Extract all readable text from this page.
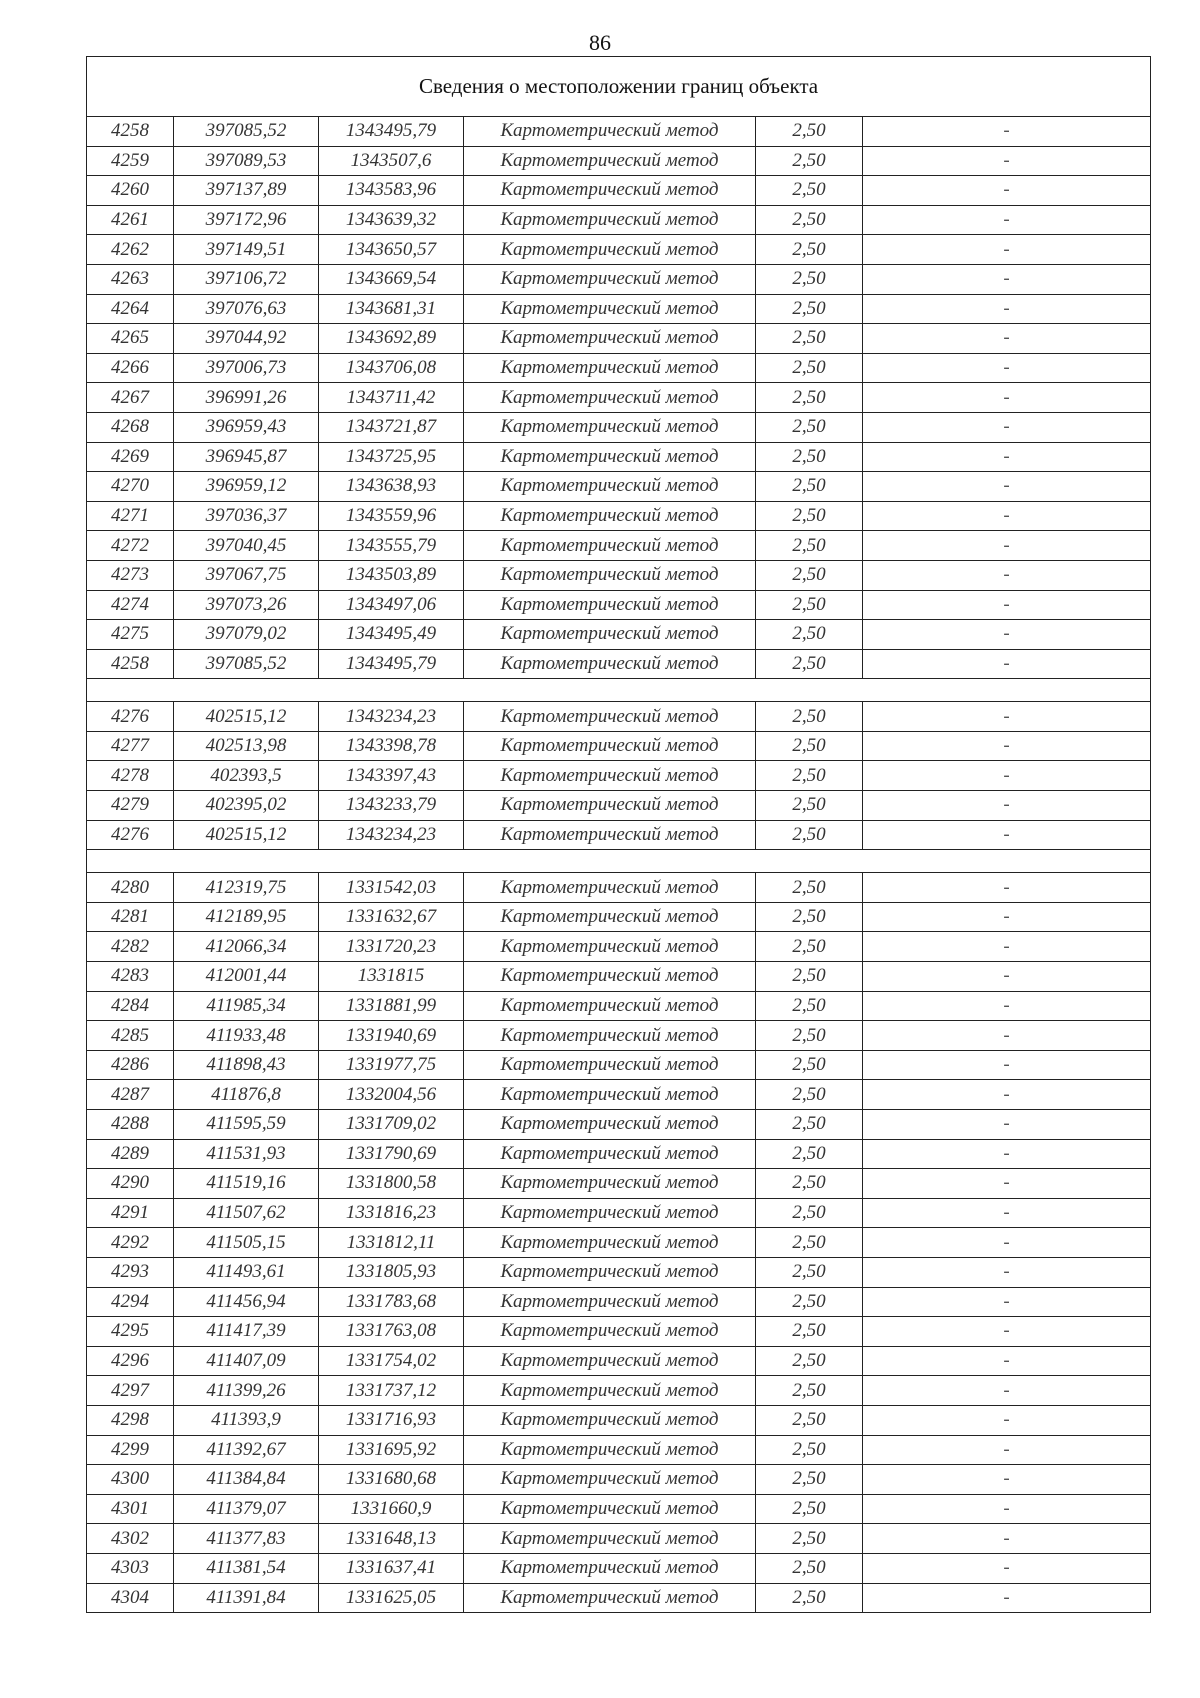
86
Сведения о местоположении границ объекта					
4258	397085,52	1343495,79	Картометрический метод	2,50	-
4259	397089,53	1343507,6	Картометрический метод	2,50	-
4260	397137,89	1343583,96	Картометрический метод	2,50	-
4261	397172,96	1343639,32	Картометрический метод	2,50	-
4262	397149,51	1343650,57	Картометрический метод	2,50	-
4263	397106,72	1343669,54	Картометрический метод	2,50	-
4264	397076,63	1343681,31	Картометрический метод	2,50	-
4265	397044,92	1343692,89	Картометрический метод	2,50	-
4266	397006,73	1343706,08	Картометрический метод	2,50	-
4267	396991,26	1343711,42	Картометрический метод	2,50	-
4268	396959,43	1343721,87	Картометрический метод	2,50	-
4269	396945,87	1343725,95	Картометрический метод	2,50	-
4270	396959,12	1343638,93	Картометрический метод	2,50	-
4271	397036,37	1343559,96	Картометрический метод	2,50	-
4272	397040,45	1343555,79	Картометрический метод	2,50	-
4273	397067,75	1343503,89	Картометрический метод	2,50	-
4274	397073,26	1343497,06	Картометрический метод	2,50	-
4275	397079,02	1343495,49	Картометрический метод	2,50	-
4258	397085,52	1343495,79	Картометрический метод	2,50	-

4276	402515,12	1343234,23	Картометрический метод	2,50	-
4277	402513,98	1343398,78	Картометрический метод	2,50	-
4278	402393,5	1343397,43	Картометрический метод	2,50	-
4279	402395,02	1343233,79	Картометрический метод	2,50	-
4276	402515,12	1343234,23	Картометрический метод	2,50	-

4280	412319,75	1331542,03	Картометрический метод	2,50	-
4281	412189,95	1331632,67	Картометрический метод	2,50	-
4282	412066,34	1331720,23	Картометрический метод	2,50	-
4283	412001,44	1331815	Картометрический метод	2,50	-
4284	411985,34	1331881,99	Картометрический метод	2,50	-
4285	411933,48	1331940,69	Картометрический метод	2,50	-
4286	411898,43	1331977,75	Картометрический метод	2,50	-
4287	411876,8	1332004,56	Картометрический метод	2,50	-
4288	411595,59	1331709,02	Картометрический метод	2,50	-
4289	411531,93	1331790,69	Картометрический метод	2,50	-
4290	411519,16	1331800,58	Картометрический метод	2,50	-
4291	411507,62	1331816,23	Картометрический метод	2,50	-
4292	411505,15	1331812,11	Картометрический метод	2,50	-
4293	411493,61	1331805,93	Картометрический метод	2,50	-
4294	411456,94	1331783,68	Картометрический метод	2,50	-
4295	411417,39	1331763,08	Картометрический метод	2,50	-
4296	411407,09	1331754,02	Картометрический метод	2,50	-
4297	411399,26	1331737,12	Картометрический метод	2,50	-
4298	411393,9	1331716,93	Картометрический метод	2,50	-
4299	411392,67	1331695,92	Картометрический метод	2,50	-
4300	411384,84	1331680,68	Картометрический метод	2,50	-
4301	411379,07	1331660,9	Картометрический метод	2,50	-
4302	411377,83	1331648,13	Картометрический метод	2,50	-
4303	411381,54	1331637,41	Картометрический метод	2,50	-
4304	411391,84	1331625,05	Картометрический метод	2,50	-
